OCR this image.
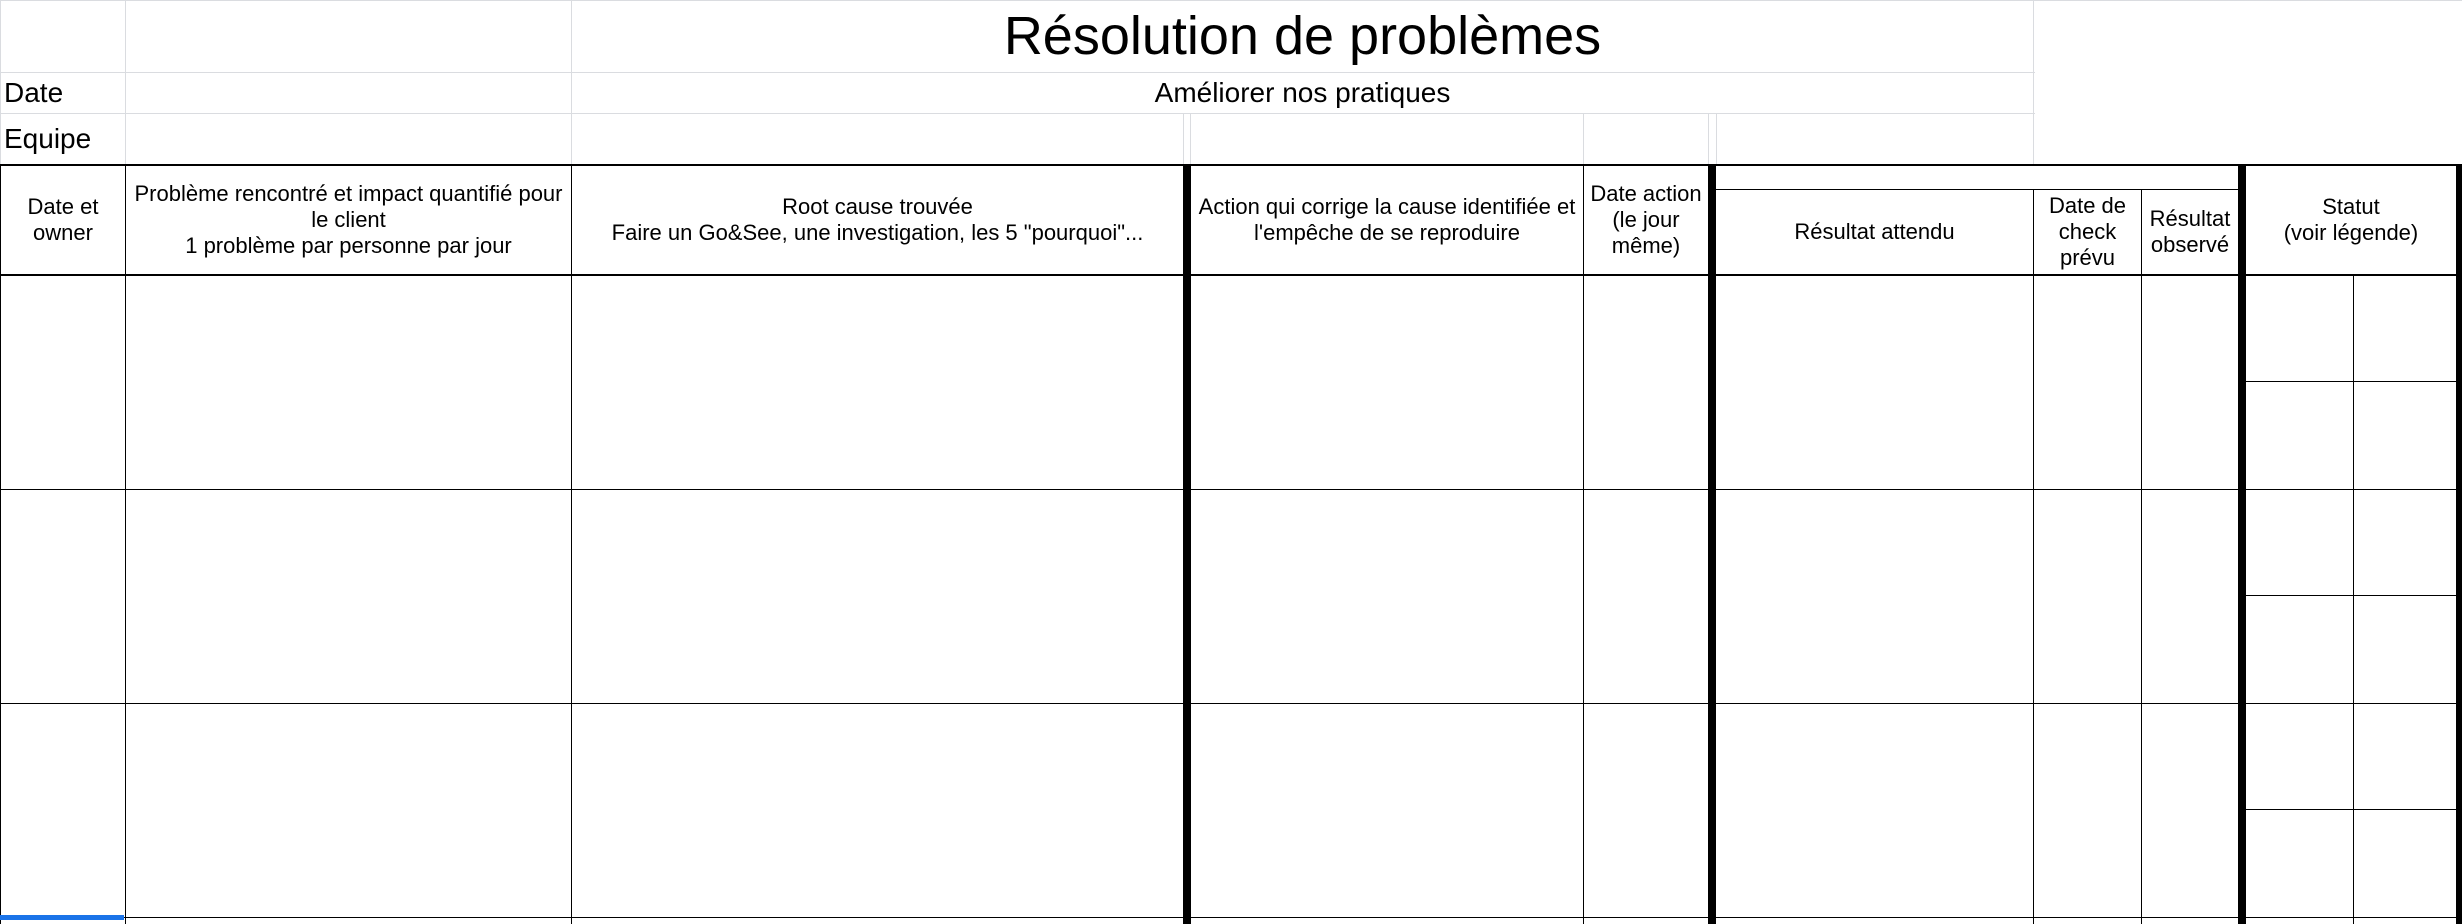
Résolution de problèmes
Améliorer nos pratiques
Date
Equipe
Date et
owner
Problème rencontré et impact quantifié pour
le client
1 problème par personne par jour
Root cause trouvée
Faire un Go&See, une investigation, les 5 "pourquoi"...
Action qui corrige la cause identifiée et
l'empêche de se reproduire
Date action
(le jour
même)
Résultat attendu
Date de
check
prévu
Résultat
observé
Statut
(voir légende)
